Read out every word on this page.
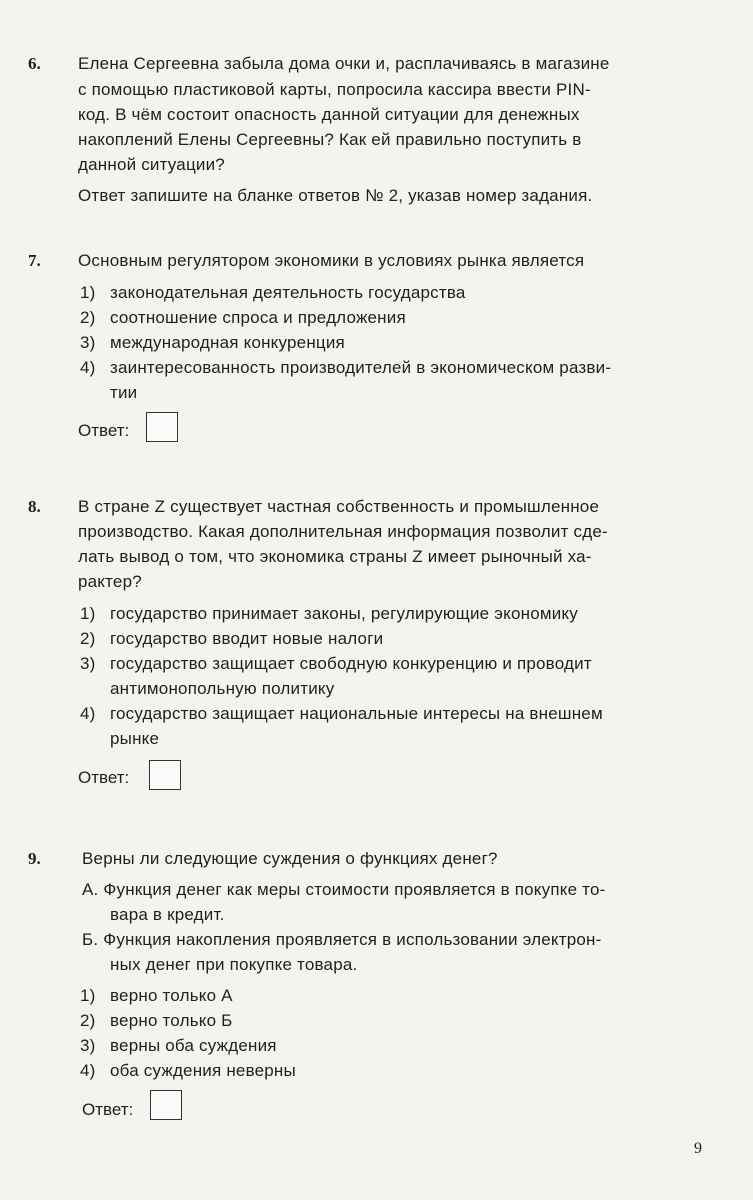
6. Елена Сергеевна забыла дома очки и, расплачиваясь в магазине
с помощью пластиковой карты, попросила кассира ввести PIN-
код. В чём состоит опасность данной ситуации для денежных
накоплений Елены Сергеевны? Как ей правильно поступить в
данной ситуации?
Ответ запишите на бланке ответов № 2, указав номер задания.
7. Основным регулятором экономики в условиях рынка является
1) законодательная деятельность государства
2) соотношение спроса и предложения
3) международная конкуренция
4) заинтересованность производителей в экономическом разви-
тии
Ответ:
8. В стране Z существует частная собственность и промышленное
производство. Какая дополнительная информация позволит сде-
лать вывод о том, что экономика страны Z имеет рыночный ха-
рактер?
1) государство принимает законы, регулирующие экономику
2) государство вводит новые налоги
3) государство защищает свободную конкуренцию и проводит
антимонопольную политику
4) государство защищает национальные интересы на внешнем
рынке
Ответ:
9. Верны ли следующие суждения о функциях денег?
А. Функция денег как меры стоимости проявляется в покупке то-
вара в кредит.
Б. Функция накопления проявляется в использовании электрон-
ных денег при покупке товара.
1) верно только А
2) верно только Б
3) верны оба суждения
4) оба суждения неверны
Ответ:
9
